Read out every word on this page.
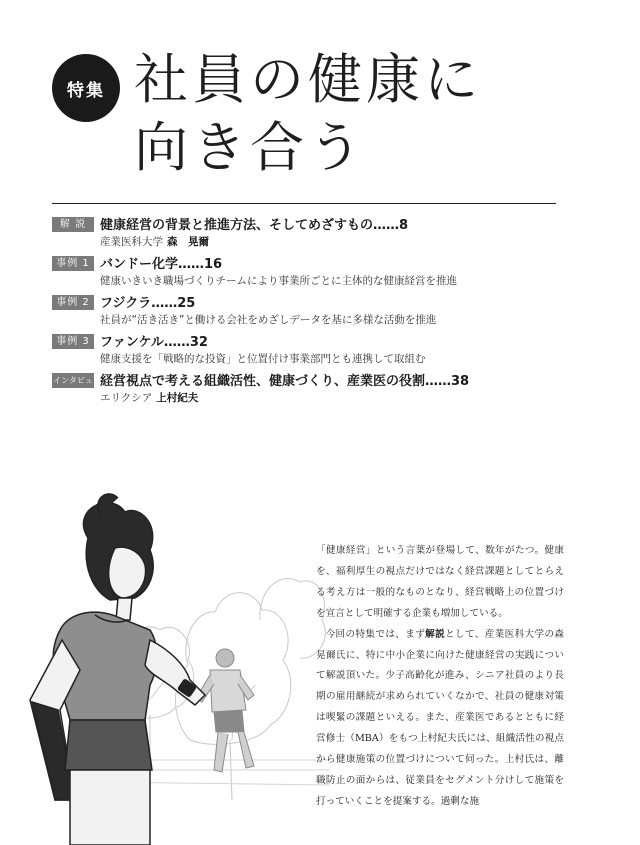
特集 社員の健康に
向き合う
解 説	健康経営の背景と推進方法、そしてめざすもの……8
産業医科大学 森　晃爾
事例 1 バンドー化学……16
健康いきいき職場づくりチームにより事業所ごとに主体的な健康経営を推進
事例 2 フジクラ……25
社員が“活き活き”と働ける会社をめざしデータを基に多様な活動を推進
事例 3 ファンケル……32
健康支援を「戦略的な投資」と位置付け事業部門とも連携して取組む
インタビュー
経営視点で考える組織活性、健康づくり、産業医の役割……38
エリクシア 上村紀夫

「健康経営」という言葉が登場して、数年がたつ。健康を、福利厚生の視点だけではなく経営課題としてとらえる考え方は一般的なものとなり、経営戦略上の位置づけを宣言として明確する企業も増加している。

今回の特集では、まず解説として、産業医科大学の森晃爾氏に、特に中小企業に向けた健康経営の実践について解説頂いた。少子高齢化が進み、シニア社員のより長期の雇用継続が求められていくなかで、社員の健康対策は喫緊の課題といえる。また、産業医であるとともに経営修士（MBA）をもつ上村紀夫氏には、組織活性の視点から健康施策の位置づけについて伺った。上村氏は、離職防止の面からは、従業員をセグメント分けして施策を打っていくことを提案する。過剰な施
